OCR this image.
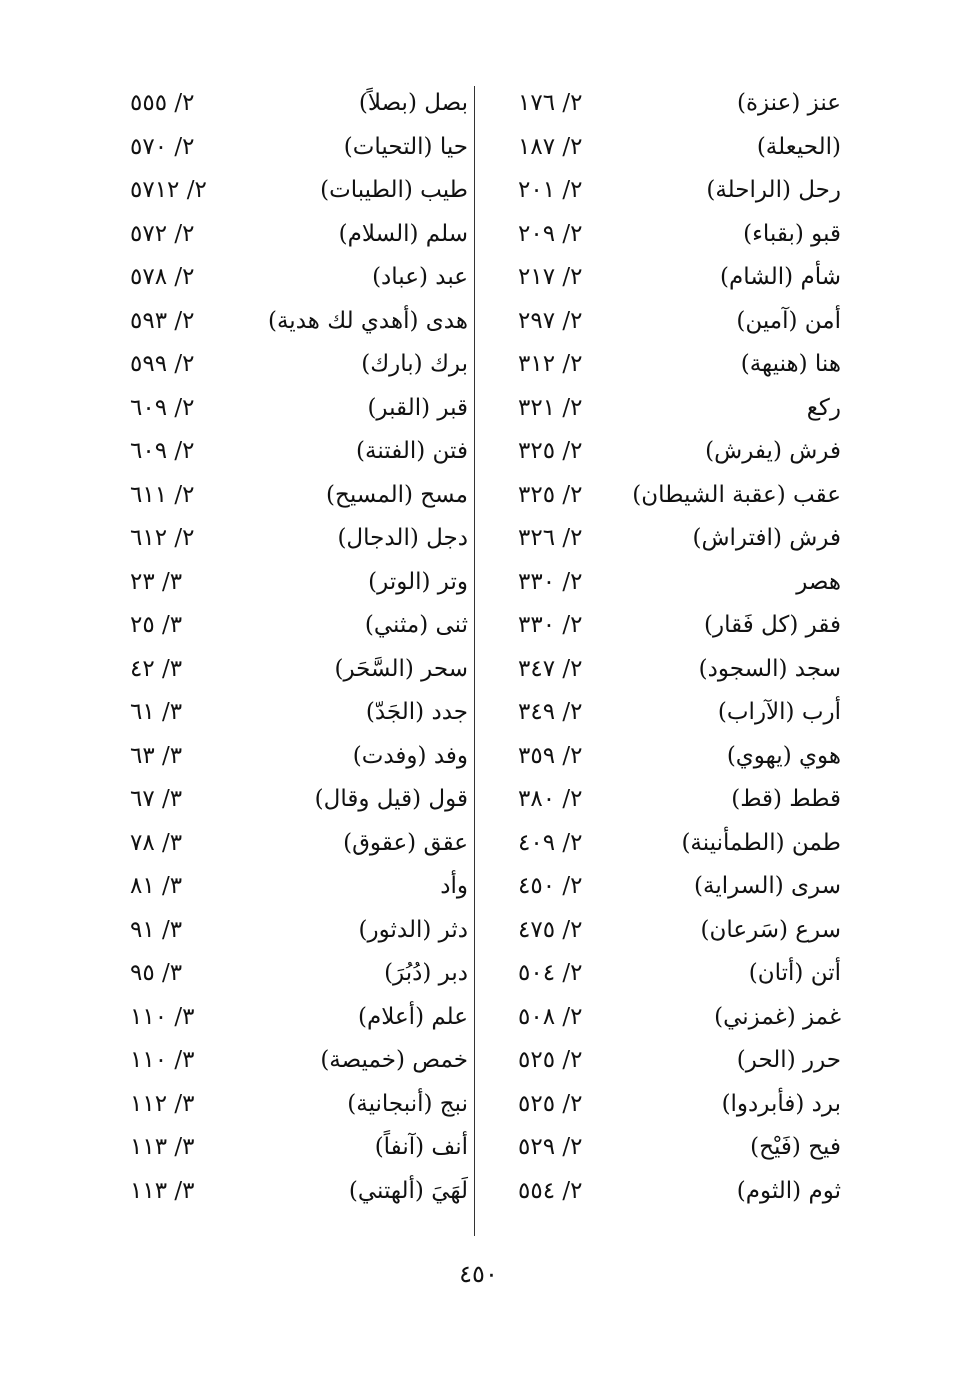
عنز (عنزة)
٢/ ١٧٦
(الحيعلة)
٢/ ١٨٧
رحل (الراحلة)
٢/ ٢٠١
قبو (بقباء)
٢/ ٢٠٩
شأم (الشام)
٢/ ٢١٧
أمن (آمين)
٢/ ٢٩٧
هنا (هنيهة)
٢/ ٣١٢
ركع
٢/ ٣٢١
فرش (يفرش)
٢/ ٣٢٥
عقب (عقبة الشيطان)
٢/ ٣٢٥
فرش (افتراش)
٢/ ٣٢٦
هصر
٢/ ٣٣٠
فقر (كل فَقار)
٢/ ٣٣٠
سجد (السجود)
٢/ ٣٤٧
أرب (الآراب)
٢/ ٣٤٩
هوي (يهوي)
٢/ ٣٥٩
قطط (قط)
٢/ ٣٨٠
طمن (الطمأنينة)
٢/ ٤٠٩
سرى (السراية)
٢/ ٤٥٠
سرع (سَرعان)
٢/ ٤٧٥
أتن (أتان)
٢/ ٥٠٤
غمز (غمزني)
٢/ ٥٠٨
حرر (الحر)
٢/ ٥٢٥
برد (فأبردوا)
٢/ ٥٢٥
فيح (فَيْح)
٢/ ٥٢٩
ثوم (الثوم)
٢/ ٥٥٤
بصل (بصلاً)
٢/ ٥٥٥
حيا (التحيات)
٢/ ٥٧٠
طيب (الطيبات)
٢/ ٥٧١٢
سلم (السلام)
٢/ ٥٧٢
عبد (عباد)
٢/ ٥٧٨
هدى (أهدي لك هدية)
٢/ ٥٩٣
برك (بارك)
٢/ ٥٩٩
قبر (القبر)
٢/ ٦٠٩
فتن (الفتنة)
٢/ ٦٠٩
مسح (المسيح)
٢/ ٦١١
دجل (الدجال)
٢/ ٦١٢
وتر (الوتر)
٣/ ٢٣
ثنى (مثني)
٣/ ٢٥
سحر (السَّحَر)
٣/ ٤٢
جدد (الجَدّ)
٣/ ٦١
وفد (وفدت)
٣/ ٦٣
قول (قيل وقال)
٣/ ٦٧
عقق (عقوق)
٣/ ٧٨
وأد
٣/ ٨١
دثر (الدثور)
٣/ ٩١
دبر (دُبُرَ)
٣/ ٩٥
علم (أعلام)
٣/ ١١٠
خمص (خميصة)
٣/ ١١٠
نبج (أنبجانية)
٣/ ١١٢
أنف (آنفاً)
٣/ ١١٣
لَهَيَ (ألهتني)
٣/ ١١٣
٤٥٠
